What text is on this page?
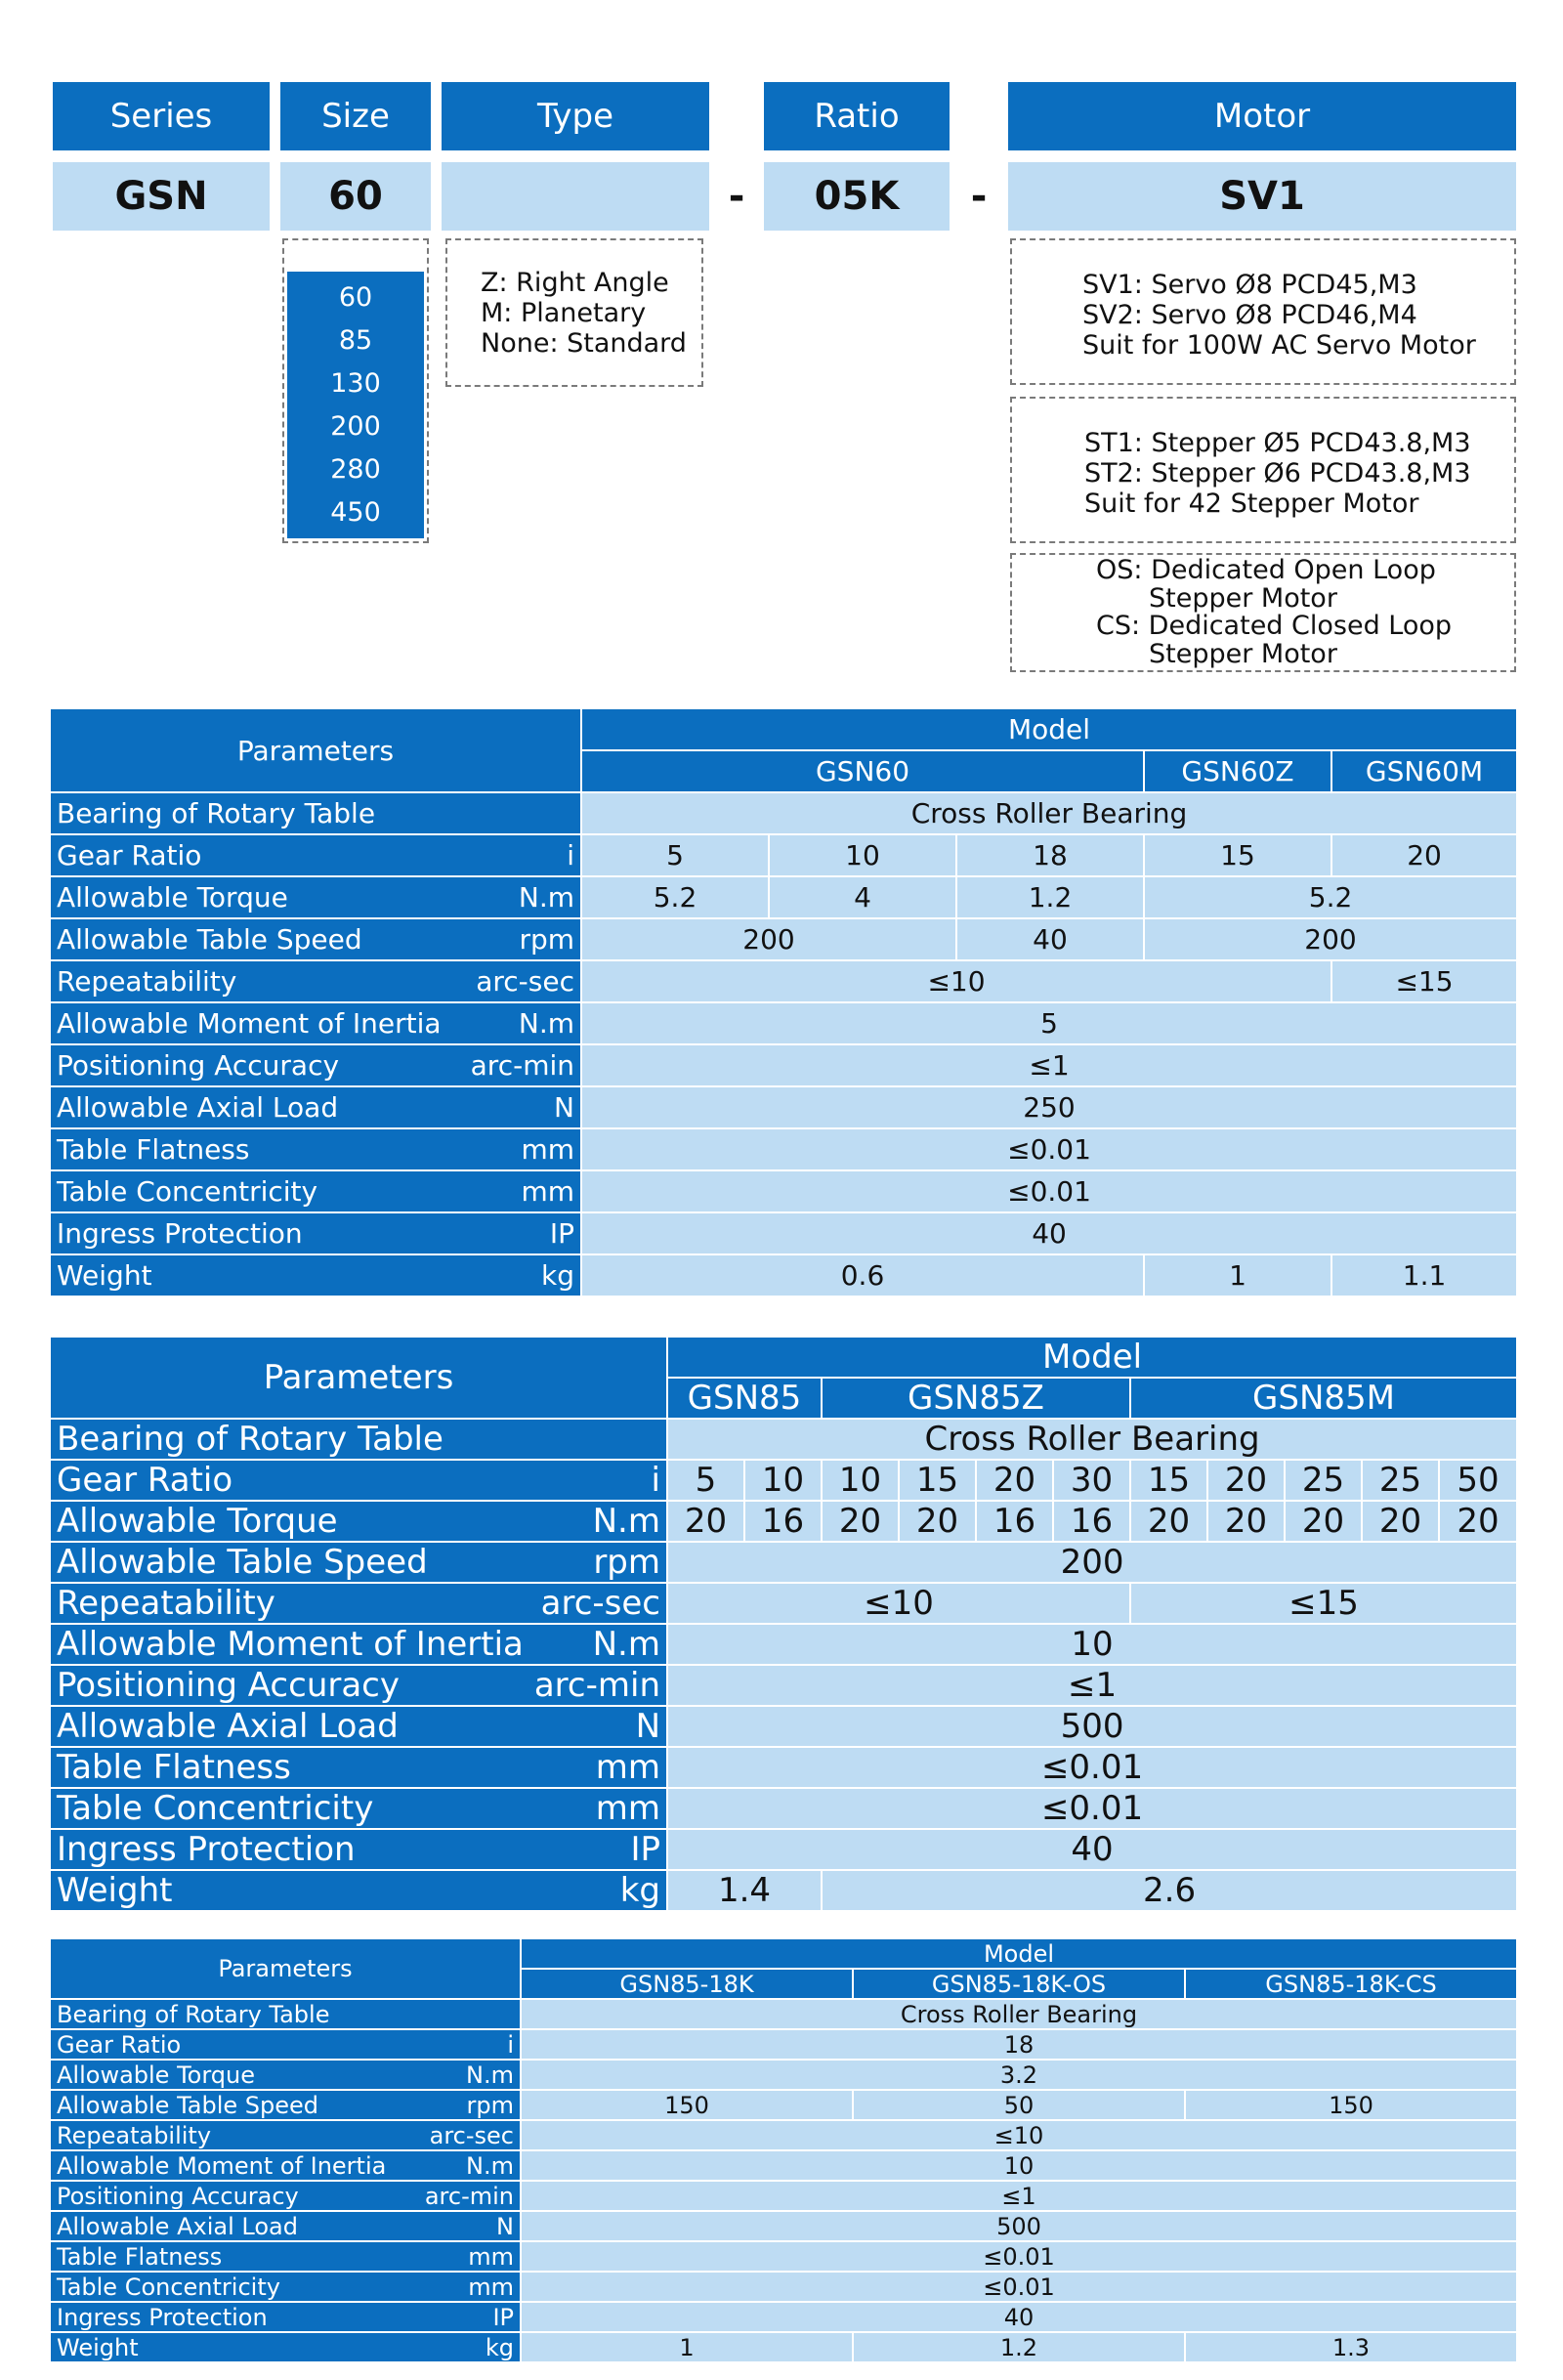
Series	Size	Type	Ratio	Motor
GSN	60	-	05K	-	SV1
60
85
130
200
280
450
Z: Right Angle
M: Planetary
None: Standard
SV1: Servo Ø8 PCD45,M3
SV2: Servo Ø8 PCD46,M4
Suit for 100W AC Servo Motor
ST1: Stepper Ø5 PCD43.8,M3
ST2: Stepper Ø6 PCD43.8,M3
Suit for 42 Stepper Motor
OS: Dedicated Open Loop
Stepper Motor
CS: Dedicated Closed Loop
Stepper Motor
Parameters	Model				
	GSN60			GSN60Z	GSN60M
Bearing of Rotary Table	Cross Roller Bearing				
Gear Ratio i	5	10	18	15	20
Allowable Torque N.m	5.2	4	1.2	5.2	
Allowable Table Speed rpm	200		40	200	
Repeatability arc-sec	≤10				≤15
Allowable Moment of Inertia N.m	5				
Positioning Accuracy arc-min	≤1				
Allowable Axial Load N	250				
Table Flatness mm	≤0.01				
Table Concentricity mm	≤0.01				
Ingress Protection IP	40				
Weight kg	0.6			1	1.1
Parameters	Model										
	GSN85		GSN85Z				GSN85M				
Bearing of Rotary Table	Cross Roller Bearing										
Gear Ratio i	5	10	10	15	20	30	15	20	25	25	50
Allowable Torque N.m	20	16	20	20	16	16	20	20	20	20	20
Allowable Table Speed rpm	200										
Repeatability arc-sec	≤10						≤15				
Allowable Moment of Inertia N.m	10										
Positioning Accuracy arc-min	≤1										
Allowable Axial Load N	500										
Table Flatness mm	≤0.01										
Table Concentricity mm	≤0.01										
Ingress Protection IP	40										
Weight kg	1.4		2.6								
Parameters	Model		
	GSN85-18K	GSN85-18K-OS	GSN85-18K-CS
Bearing of Rotary Table	Cross Roller Bearing		
Gear Ratio i	18		
Allowable Torque N.m	3.2		
Allowable Table Speed rpm	150	50	150
Repeatability arc-sec	≤10		
Allowable Moment of Inertia N.m	10		
Positioning Accuracy arc-min	≤1		
Allowable Axial Load N	500		
Table Flatness mm	≤0.01		
Table Concentricity mm	≤0.01		
Ingress Protection IP	40		
Weight kg	1	1.2	1.3
